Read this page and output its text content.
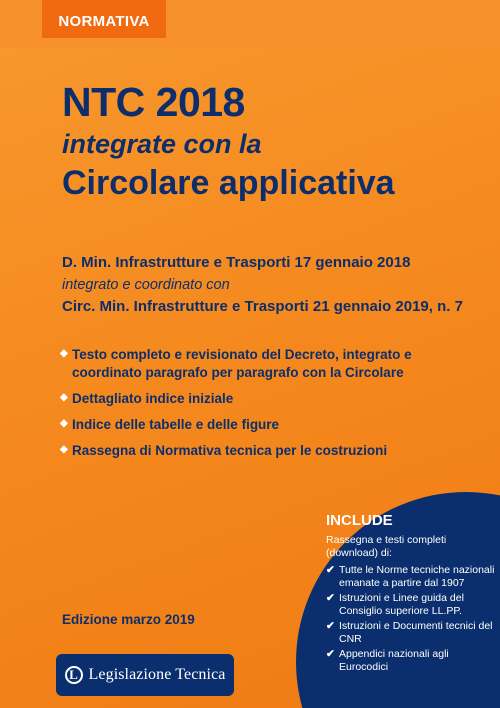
NORMATIVA
NTC 2018
integrate con la
Circolare applicativa
D. Min. Infrastrutture e Trasporti 17 gennaio 2018
integrato e coordinato con
Circ. Min. Infrastrutture e Trasporti 21 gennaio 2019, n. 7
◆ Testo completo e revisionato del Decreto, integrato e coordinato paragrafo per paragrafo con la Circolare
◆ Dettagliato indice iniziale
◆ Indice delle tabelle e delle figure
◆ Rassegna di Normativa tecnica per le costruzioni
Edizione marzo 2019
INCLUDE
Rassegna e testi completi (download) di:
✔ Tutte le Norme tecniche nazionali emanate a partire dal 1907
✔ Istruzioni e Linee guida del Consiglio superiore LL.PP.
✔ Istruzioni e Documenti tecnici del CNR
✔ Appendici nazionali agli Eurocodici
L Legislazione Tecnica
